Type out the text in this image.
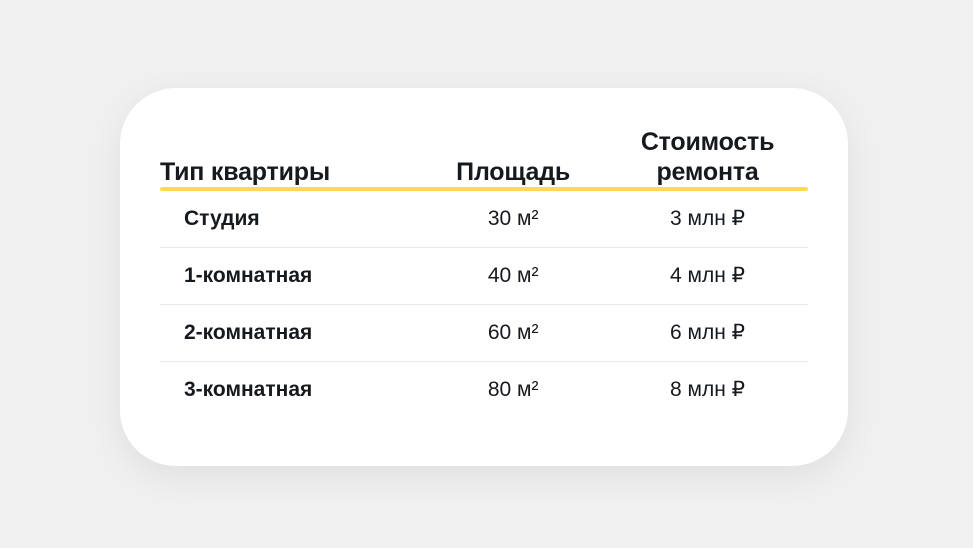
Тип квартиры	Площадь	Стоимость
ремонта

Студия	30 м²	3 млн ₽
1-комнатная	40 м²	4 млн ₽
2-комнатная	60 м²	6 млн ₽
3-комнатная	80 м²	8 млн ₽
